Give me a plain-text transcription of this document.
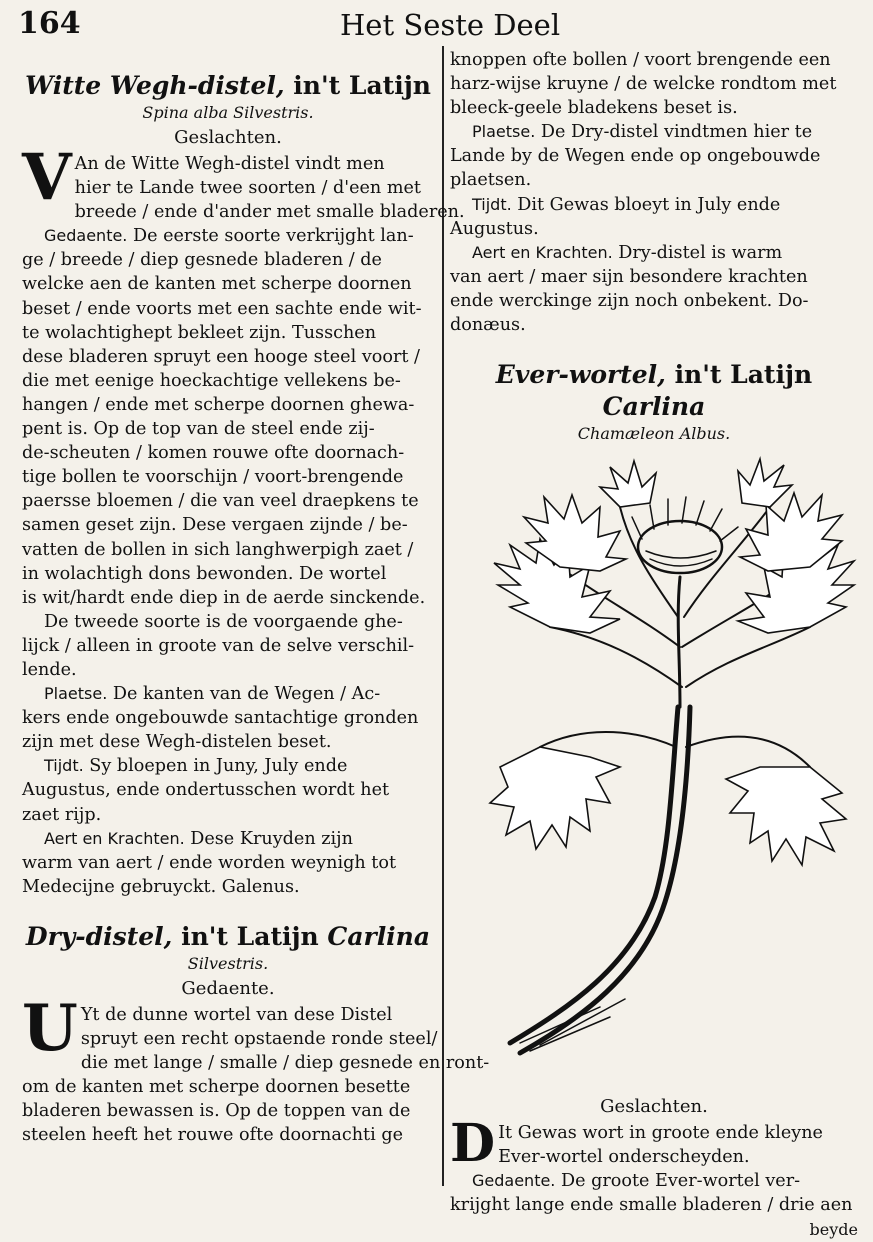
164	Het Seste Deel
Witte Wegh-distel, in't Latijn
Spina alba Silvestris.
Geslachten.
V An de Witte Wegh-distel vindt men
hier te Lande twee soorten / d'een met
breede / ende d'ander met smalle bladeren.
Gedaente. De eerste soorte verkrijght lan-
ge / breede / diep gesnede bladeren / de
welcke aen de kanten met scherpe doornen
beset / ende voorts met een sachte ende wit-
te wolachtighept bekleet zijn. Tusschen
dese bladeren spruyt een hooge steel voort /
die met eenige hoeckachtige vellekens be-
hangen / ende met scherpe doornen ghewa-
pent is. Op de top van de steel ende zij-
de-scheuten / komen rouwe ofte doornach-
tige bollen te voorschijn / voort-brengende
paersse bloemen / die van veel draepkens te
samen geset zijn. Dese vergaen zijnde / be-
vatten de bollen in sich langhwerpigh zaet /
in wolachtigh dons bewonden. De wortel
is wit/hardt ende diep in de aerde sinckende.
De tweede soorte is de voorgaende ghe-
lijck / alleen in groote van de selve verschil-
lende.
Plaetse. De kanten van de Wegen / Ac-
kers ende ongebouwde santachtige gronden
zijn met dese Wegh-distelen beset.
Tijdt. Sy bloepen in Juny, July ende
Augustus, ende ondertusschen wordt het
zaet rijp.
Aert en Krachten. Dese Kruyden zijn
warm van aert / ende worden weynigh tot
Medecijne gebruyckt. Galenus.
Dry-distel, in't Latijn Carlina
Silvestris.
Gedaente.
U Yt de dunne wortel van dese Distel
spruyt een recht opstaende ronde steel/
die met lange / smalle / diep gesnede en ront-
om de kanten met scherpe doornen besette
bladeren bewassen is. Op de toppen van de
steelen heeft het rouwe ofte doornachti ge
knoppen ofte bollen / voort brengende een
harz-wijse kruyne / de welcke rondtom met
bleeck-geele bladekens beset is.
Plaetse. De Dry-distel vindtmen hier te
Lande by de Wegen ende op ongebouwde
plaetsen.
Tijdt. Dit Gewas bloeyt in July ende
Augustus.
Aert en Krachten. Dry-distel is warm
van aert / maer sijn besondere krachten
ende werckinge zijn noch onbekent. Do-
donæus.
Ever-wortel, in't Latijn Carlina
Chamæleon Albus.
Geslachten.
D It Gewas wort in groote ende kleyne
Ever-wortel onderscheyden.
Gedaente. De groote Ever-wortel ver-
krijght lange ende smalle bladeren / drie aen
beyde
